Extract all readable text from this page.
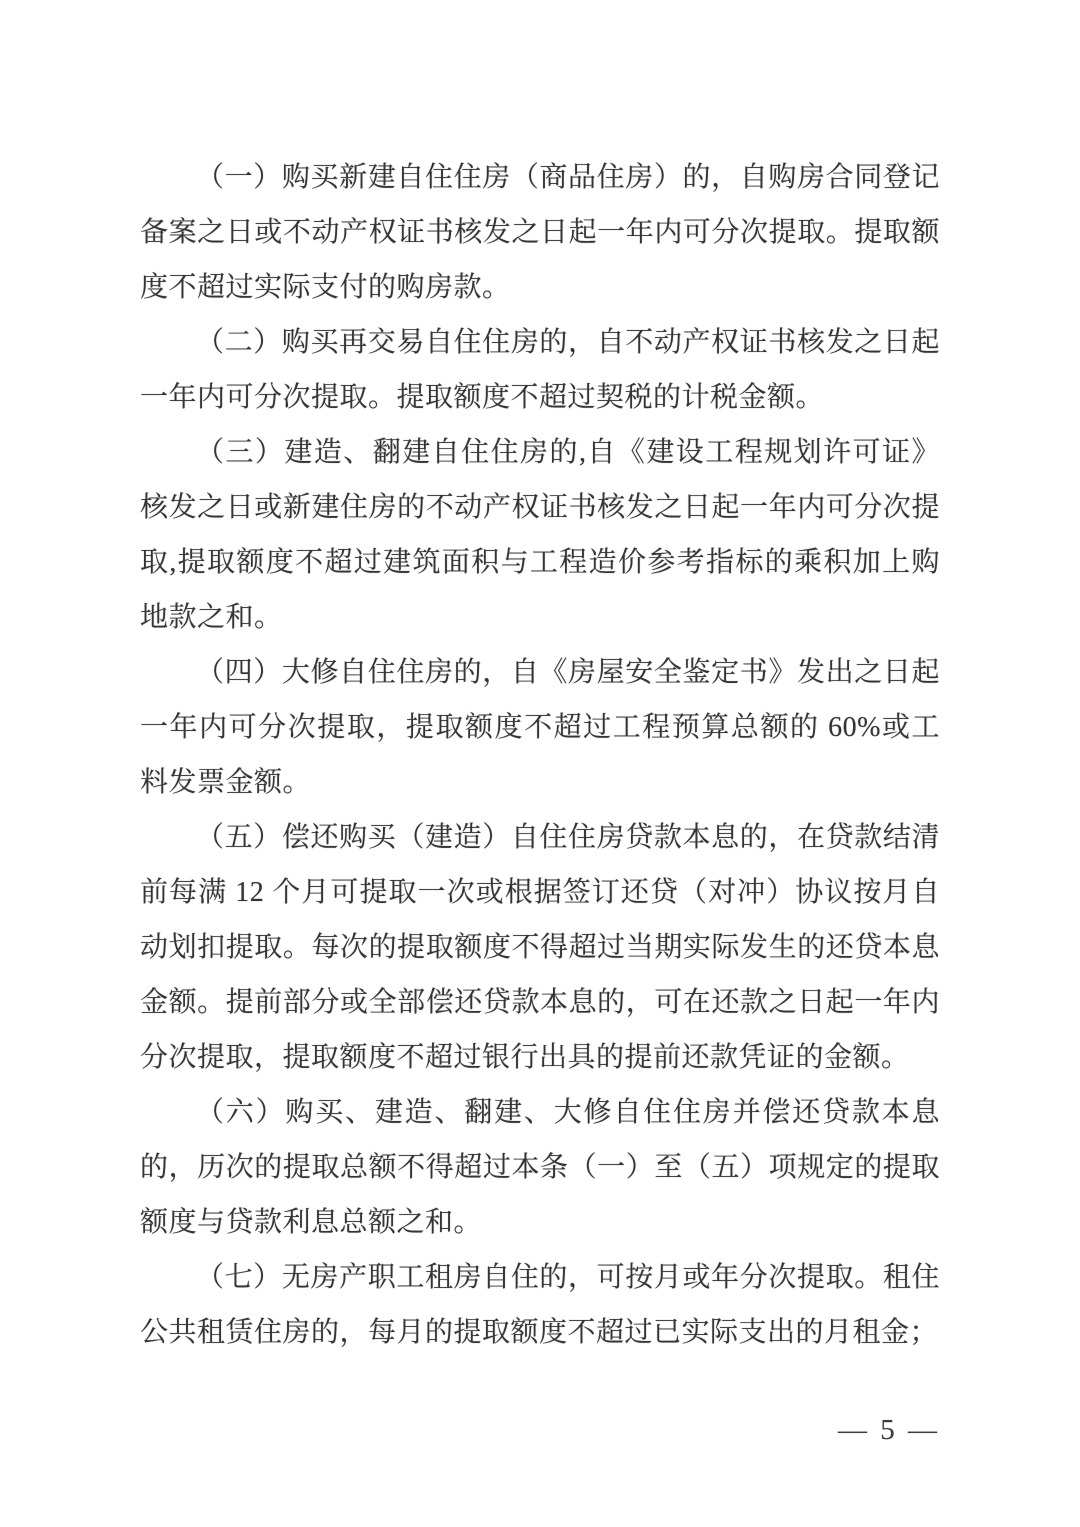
（一）购买新建自住住房（商品住房）的，自购房合同登记备案之日或不动产权证书核发之日起一年内可分次提取。提取额度不超过实际支付的购房款。

（二）购买再交易自住住房的，自不动产权证书核发之日起一年内可分次提取。提取额度不超过契税的计税金额。

（三）建造、翻建自住住房的,自《建设工程规划许可证》核发之日或新建住房的不动产权证书核发之日起一年内可分次提取,提取额度不超过建筑面积与工程造价参考指标的乘积加上购地款之和。

（四）大修自住住房的，自《房屋安全鉴定书》发出之日起一年内可分次提取，提取额度不超过工程预算总额的 60%或工料发票金额。

（五）偿还购买（建造）自住住房贷款本息的，在贷款结清前每满 12 个月可提取一次或根据签订还贷（对冲）协议按月自动划扣提取。每次的提取额度不得超过当期实际发生的还贷本息金额。提前部分或全部偿还贷款本息的，可在还款之日起一年内分次提取，提取额度不超过银行出具的提前还款凭证的金额。

（六）购买、建造、翻建、大修自住住房并偿还贷款本息的，历次的提取总额不得超过本条（一）至（五）项规定的提取额度与贷款利息总额之和。

（七）无房产职工租房自住的，可按月或年分次提取。租住公共租赁住房的，每月的提取额度不超过已实际支出的月租金；

— 5 —
